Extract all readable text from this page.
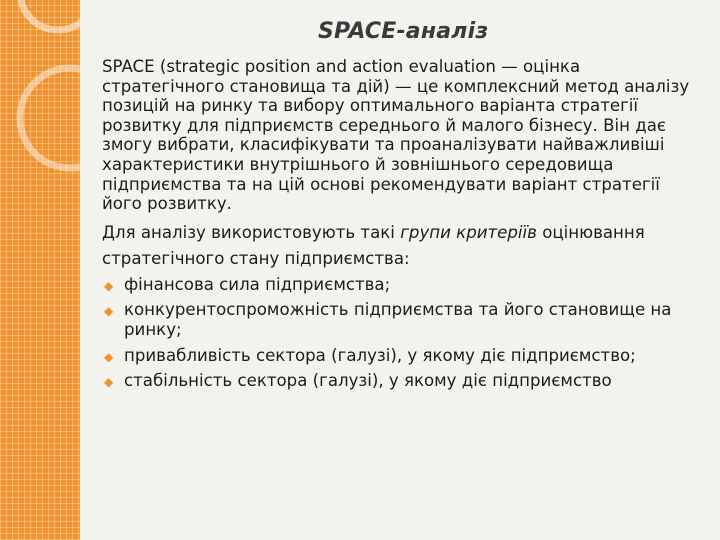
SPACE-аналіз

SPACE (strategic position and action evaluation — оцінка стратегічного становища та дій) — це комплексний метод аналізу позицій на ринку та вибору оптимального варіанта стратегії розвитку для підприємств середнього й малого бізнесу. Він дає змогу вибрати, класифікувати та проаналізувати найважливіші характеристики внутрішнього й зовнішнього середовища підприємства та на цій основі рекомендувати варіант стратегії його розвитку.

Для аналізу використовують такі групи критеріїв оцінювання стратегічного стану підприємства:

◆ фінансова сила підприємства;
◆ конкурентоспроможність підприємства та його становище на ринку;
◆ привабливість сектора (галузі), у якому діє підприємство;
◆ стабільність сектора (галузі), у якому діє підприємство
